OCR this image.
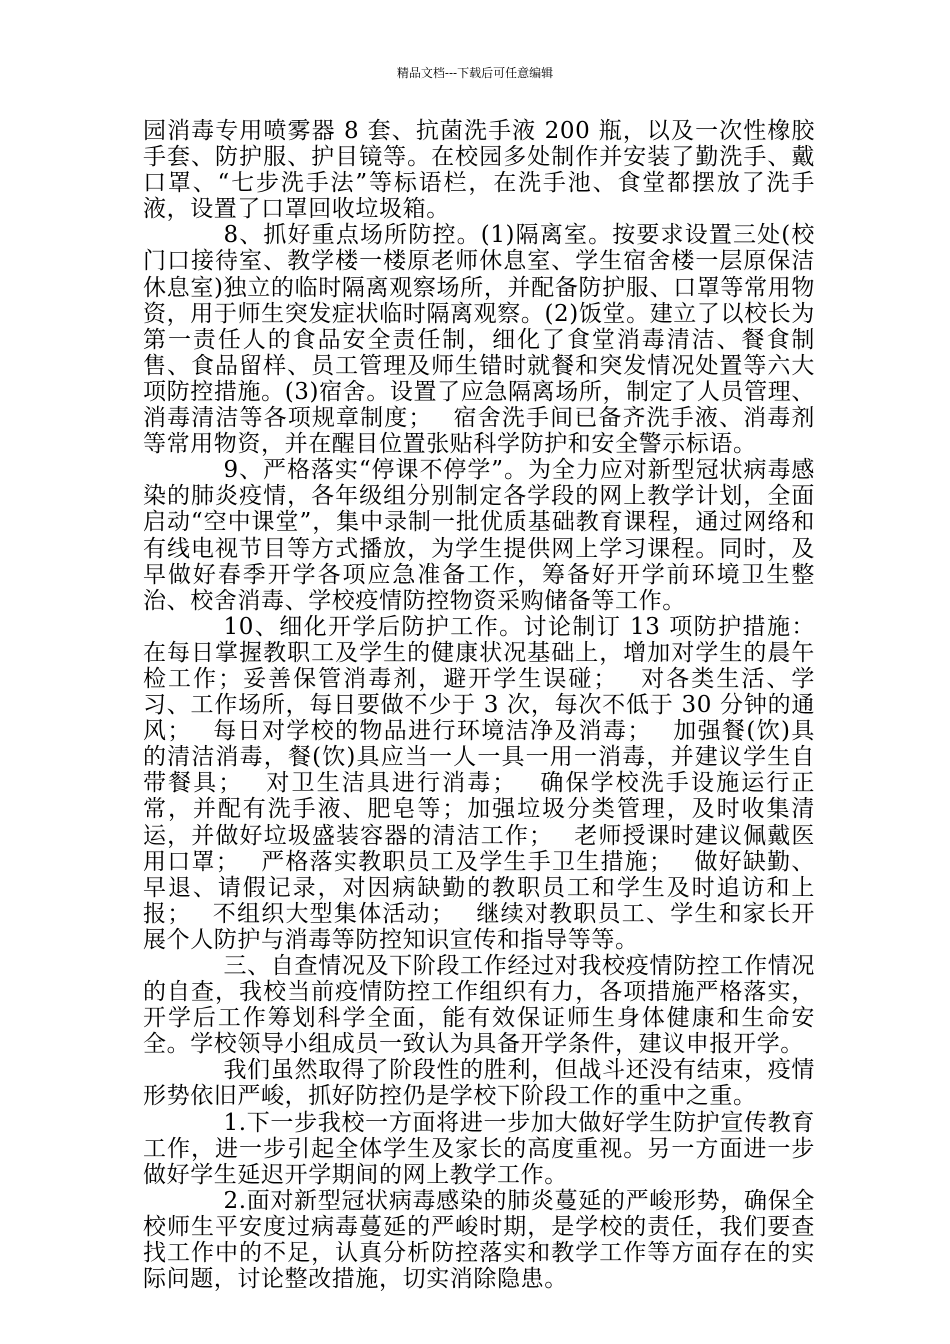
精品文档---下载后可任意编辑

园消毒专用喷雾器 8 套、抗菌洗手液 200 瓶，以及一次性橡胶手套、防护服、护目镜等。在校园多处制作并安装了勤洗手、戴口罩、“七步洗手法”等标语栏，在洗手池、食堂都摆放了洗手液，设置了口罩回收垃圾箱。

8、抓好重点场所防控。(1)隔离室。按要求设置三处(校门口接待室、教学楼一楼原老师休息室、学生宿舍楼一层原保洁休息室)独立的临时隔离观察场所，并配备防护服、口罩等常用物资，用于师生突发症状临时隔离观察。(2)饭堂。建立了以校长为第一责任人的食品安全责任制，细化了食堂消毒清洁、餐食制售、食品留样、员工管理及师生错时就餐和突发情况处置等六大项防控措施。(3)宿舍。设置了应急隔离场所，制定了人员管理、消毒清洁等各项规章制度；　 宿舍洗手间已备齐洗手液、消毒剂等常用物资，并在醒目位置张贴科学防护和安全警示标语。

9、严格落实“停课不停学”。为全力应对新型冠状病毒感染的肺炎疫情，各年级组分别制定各学段的网上教学计划，全面启动“空中课堂”，集中录制一批优质基础教育课程，通过网络和有线电视节目等方式播放，为学生提供网上学习课程。同时，及早做好春季开学各项应急准备工作，筹备好开学前环境卫生整治、校舍消毒、学校疫情防控物资采购储备等工作。

10、细化开学后防护工作。讨论制订 13 项防护措施：在每日掌握教职工及学生的健康状况基础上，增加对学生的晨午检工作；妥善保管消毒剂，避开学生误碰；　 对各类生活、学习、工作场所，每日要做不少于 3 次，每次不低于 30 分钟的通风；　 每日对学校的物品进行环境洁净及消毒；　 加强餐(饮)具的清洁消毒，餐(饮)具应当一人一具一用一消毒，并建议学生自带餐具；　 对卫生洁具进行消毒；　 确保学校洗手设施运行正常，并配有洗手液、肥皂等；加强垃圾分类管理，及时收集清运，并做好垃圾盛装容器的清洁工作；　 老师授课时建议佩戴医用口罩；　 严格落实教职员工及学生手卫生措施；　 做好缺勤、早退、请假记录，对因病缺勤的教职员工和学生及时追访和上报；　 不组织大型集体活动；　 继续对教职员工、学生和家长开展个人防护与消毒等防控知识宣传和指导等等。

三、自查情况及下阶段工作经过对我校疫情防控工作情况的自查，我校当前疫情防控工作组织有力，各项措施严格落实，开学后工作筹划科学全面，能有效保证师生身体健康和生命安全。学校领导小组成员一致认为具备开学条件，建议申报开学。

我们虽然取得了阶段性的胜利，但战斗还没有结束，疫情形势依旧严峻，抓好防控仍是学校下阶段工作的重中之重。

1.下一步我校一方面将进一步加大做好学生防护宣传教育工作，进一步引起全体学生及家长的高度重视。另一方面进一步做好学生延迟开学期间的网上教学工作。

2.面对新型冠状病毒感染的肺炎蔓延的严峻形势，确保全校师生平安度过病毒蔓延的严峻时期，是学校的责任，我们要查找工作中的不足，认真分析防控落实和教学工作等方面存在的实际问题，讨论整改措施，切实消除隐患。
